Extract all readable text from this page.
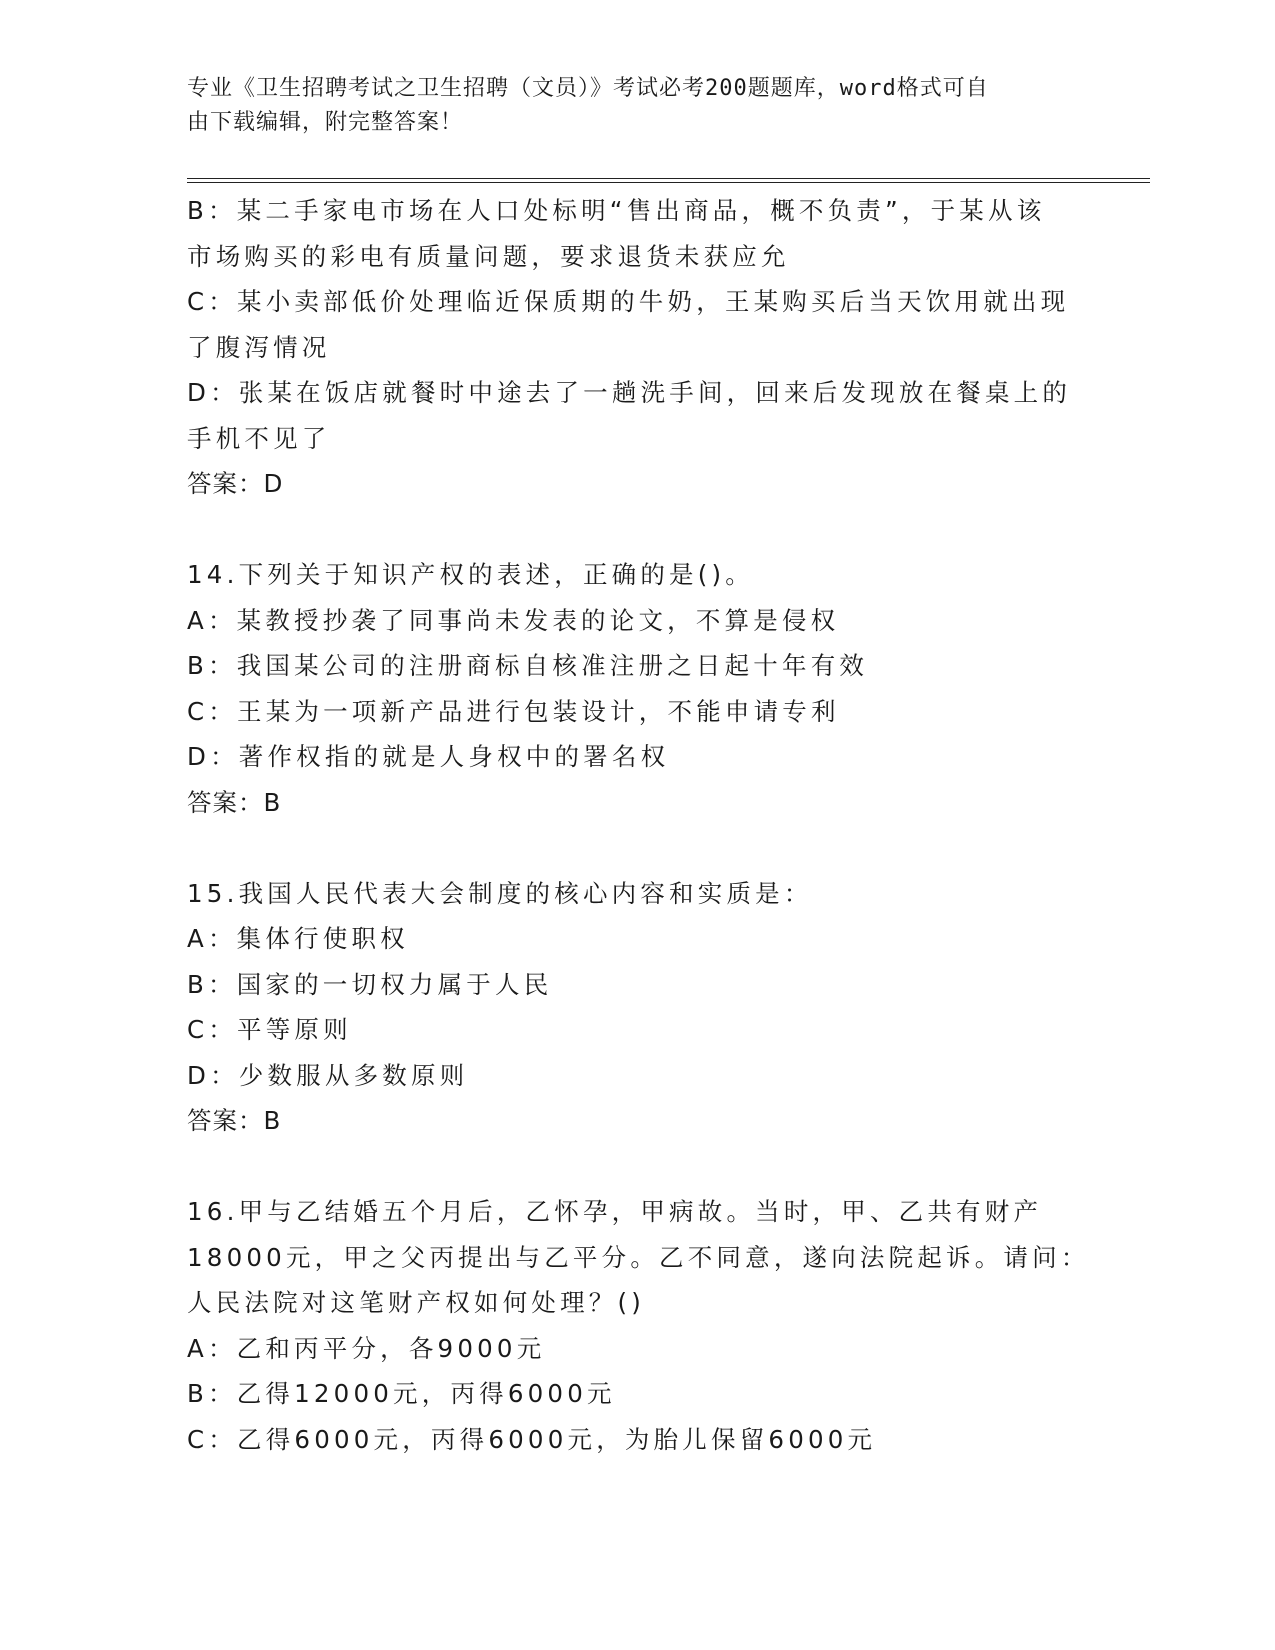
专业《卫生招聘考试之卫生招聘（文员）》考试必考200题题库，word格式可自
由下载编辑，附完整答案！
B：某二手家电市场在人口处标明“售出商品，概不负责”，于某从该
市场购买的彩电有质量问题，要求退货未获应允
C：某小卖部低价处理临近保质期的牛奶，王某购买后当天饮用就出现
了腹泻情况
D：张某在饭店就餐时中途去了一趟洗手间，回来后发现放在餐桌上的
手机不见了
答案：D
14.下列关于知识产权的表述，正确的是()。
A：某教授抄袭了同事尚未发表的论文，不算是侵权
B：我国某公司的注册商标自核准注册之日起十年有效
C：王某为一项新产品进行包装设计，不能申请专利
D：著作权指的就是人身权中的署名权
答案：B
15.我国人民代表大会制度的核心内容和实质是：
A：集体行使职权
B：国家的一切权力属于人民
C：平等原则
D：少数服从多数原则
答案：B
16.甲与乙结婚五个月后，乙怀孕，甲病故。当时，甲、乙共有财产
18000元，甲之父丙提出与乙平分。乙不同意，遂向法院起诉。请问：
人民法院对这笔财产权如何处理？()
A：乙和丙平分，各9000元
B：乙得12000元，丙得6000元
C：乙得6000元，丙得6000元，为胎儿保留6000元
